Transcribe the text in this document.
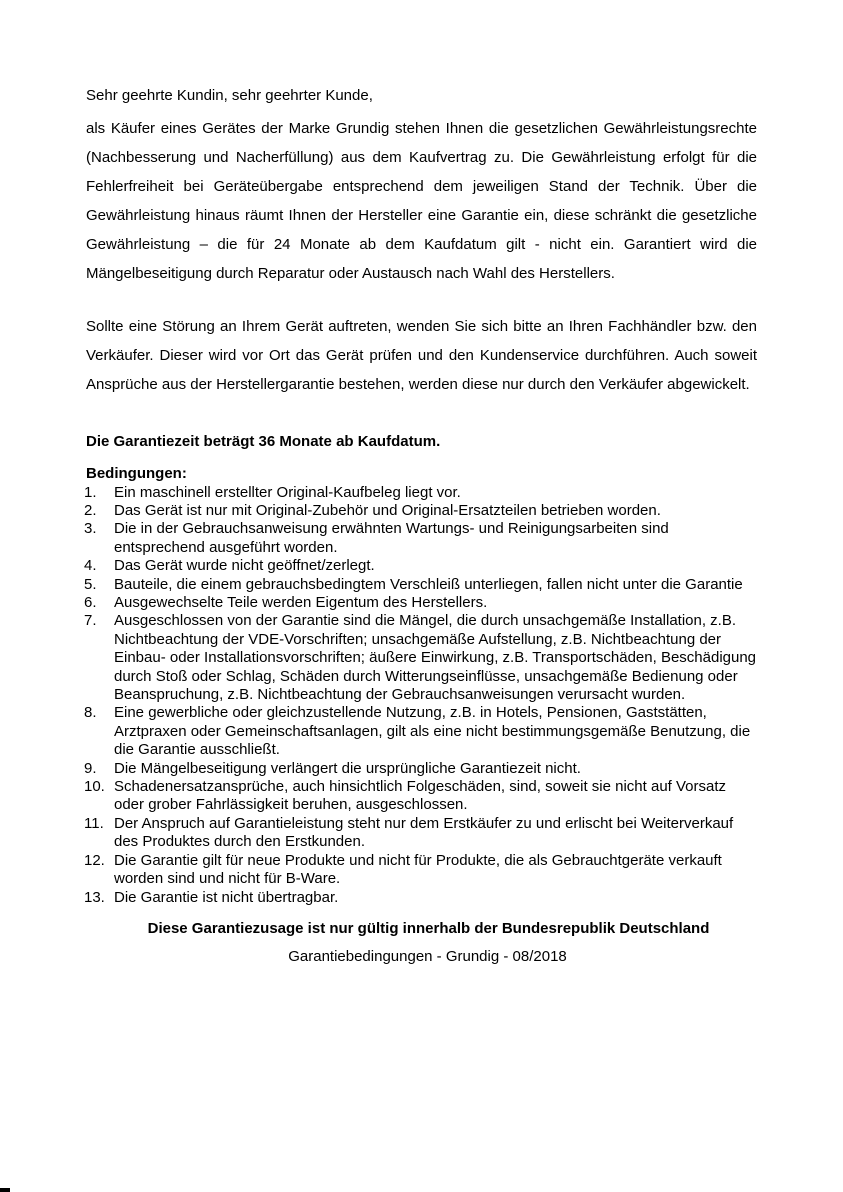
Sehr geehrte Kundin, sehr geehrter Kunde,

als Käufer eines Gerätes der Marke Grundig stehen Ihnen die gesetzlichen Gewährleistungsrechte (Nachbesserung und Nacherfüllung) aus dem Kaufvertrag zu. Die Gewährleistung erfolgt für die Fehlerfreiheit bei Geräteübergabe entsprechend dem jeweiligen Stand der Technik. Über die Gewährleistung hinaus räumt Ihnen der Hersteller eine Garantie ein, diese schränkt die gesetzliche Gewährleistung – die für 24 Monate ab dem Kaufdatum gilt - nicht ein. Garantiert wird die Mängelbeseitigung durch Reparatur oder Austausch nach Wahl des Herstellers.

Sollte eine Störung an Ihrem Gerät auftreten, wenden Sie sich bitte an Ihren Fachhändler bzw. den Verkäufer. Dieser wird vor Ort das Gerät prüfen und den Kundenservice durchführen. Auch soweit Ansprüche aus der Herstellergarantie bestehen, werden diese nur durch den Verkäufer abgewickelt.

Die Garantiezeit beträgt 36 Monate ab Kaufdatum.

Bedingungen:

1. Ein maschinell erstellter Original-Kaufbeleg liegt vor.
2. Das Gerät ist nur mit Original-Zubehör und Original-Ersatzteilen betrieben worden.
3. Die in der Gebrauchsanweisung erwähnten Wartungs- und Reinigungsarbeiten sind entsprechend ausgeführt worden.
4. Das Gerät wurde nicht geöffnet/zerlegt.
5. Bauteile, die einem gebrauchsbedingtem Verschleiß unterliegen, fallen nicht unter die Garantie
6. Ausgewechselte Teile werden Eigentum des Herstellers.
7. Ausgeschlossen von der Garantie sind die Mängel, die durch unsachgemäße Installation, z.B. Nichtbeachtung der VDE-Vorschriften; unsachgemäße Aufstellung, z.B. Nichtbeachtung der Einbau- oder Installationsvorschriften; äußere Einwirkung, z.B. Transportschäden, Beschädigung durch Stoß oder Schlag, Schäden durch Witterungseinflüsse, unsachgemäße Bedienung oder Beanspruchung, z.B. Nichtbeachtung der Gebrauchsanweisungen verursacht wurden.
8. Eine gewerbliche oder gleichzustellende Nutzung, z.B. in Hotels, Pensionen, Gaststätten, Arztpraxen oder Gemeinschaftsanlagen, gilt als eine nicht bestimmungsgemäße Benutzung, die die Garantie ausschließt.
9. Die Mängelbeseitigung verlängert die ursprüngliche Garantiezeit nicht.
10. Schadenersatzansprüche, auch hinsichtlich Folgeschäden, sind, soweit sie nicht auf Vorsatz oder grober Fahrlässigkeit beruhen, ausgeschlossen.
11. Der Anspruch auf Garantieleistung steht nur dem Erstkäufer zu und erlischt bei Weiterverkauf des Produktes durch den Erstkunden.
12. Die Garantie gilt für neue Produkte und nicht für Produkte, die als Gebrauchtgeräte verkauft worden sind und nicht für B-Ware.
13. Die Garantie ist nicht übertragbar.

Diese Garantiezusage ist nur gültig innerhalb der Bundesrepublik Deutschland

Garantiebedingungen - Grundig - 08/2018
